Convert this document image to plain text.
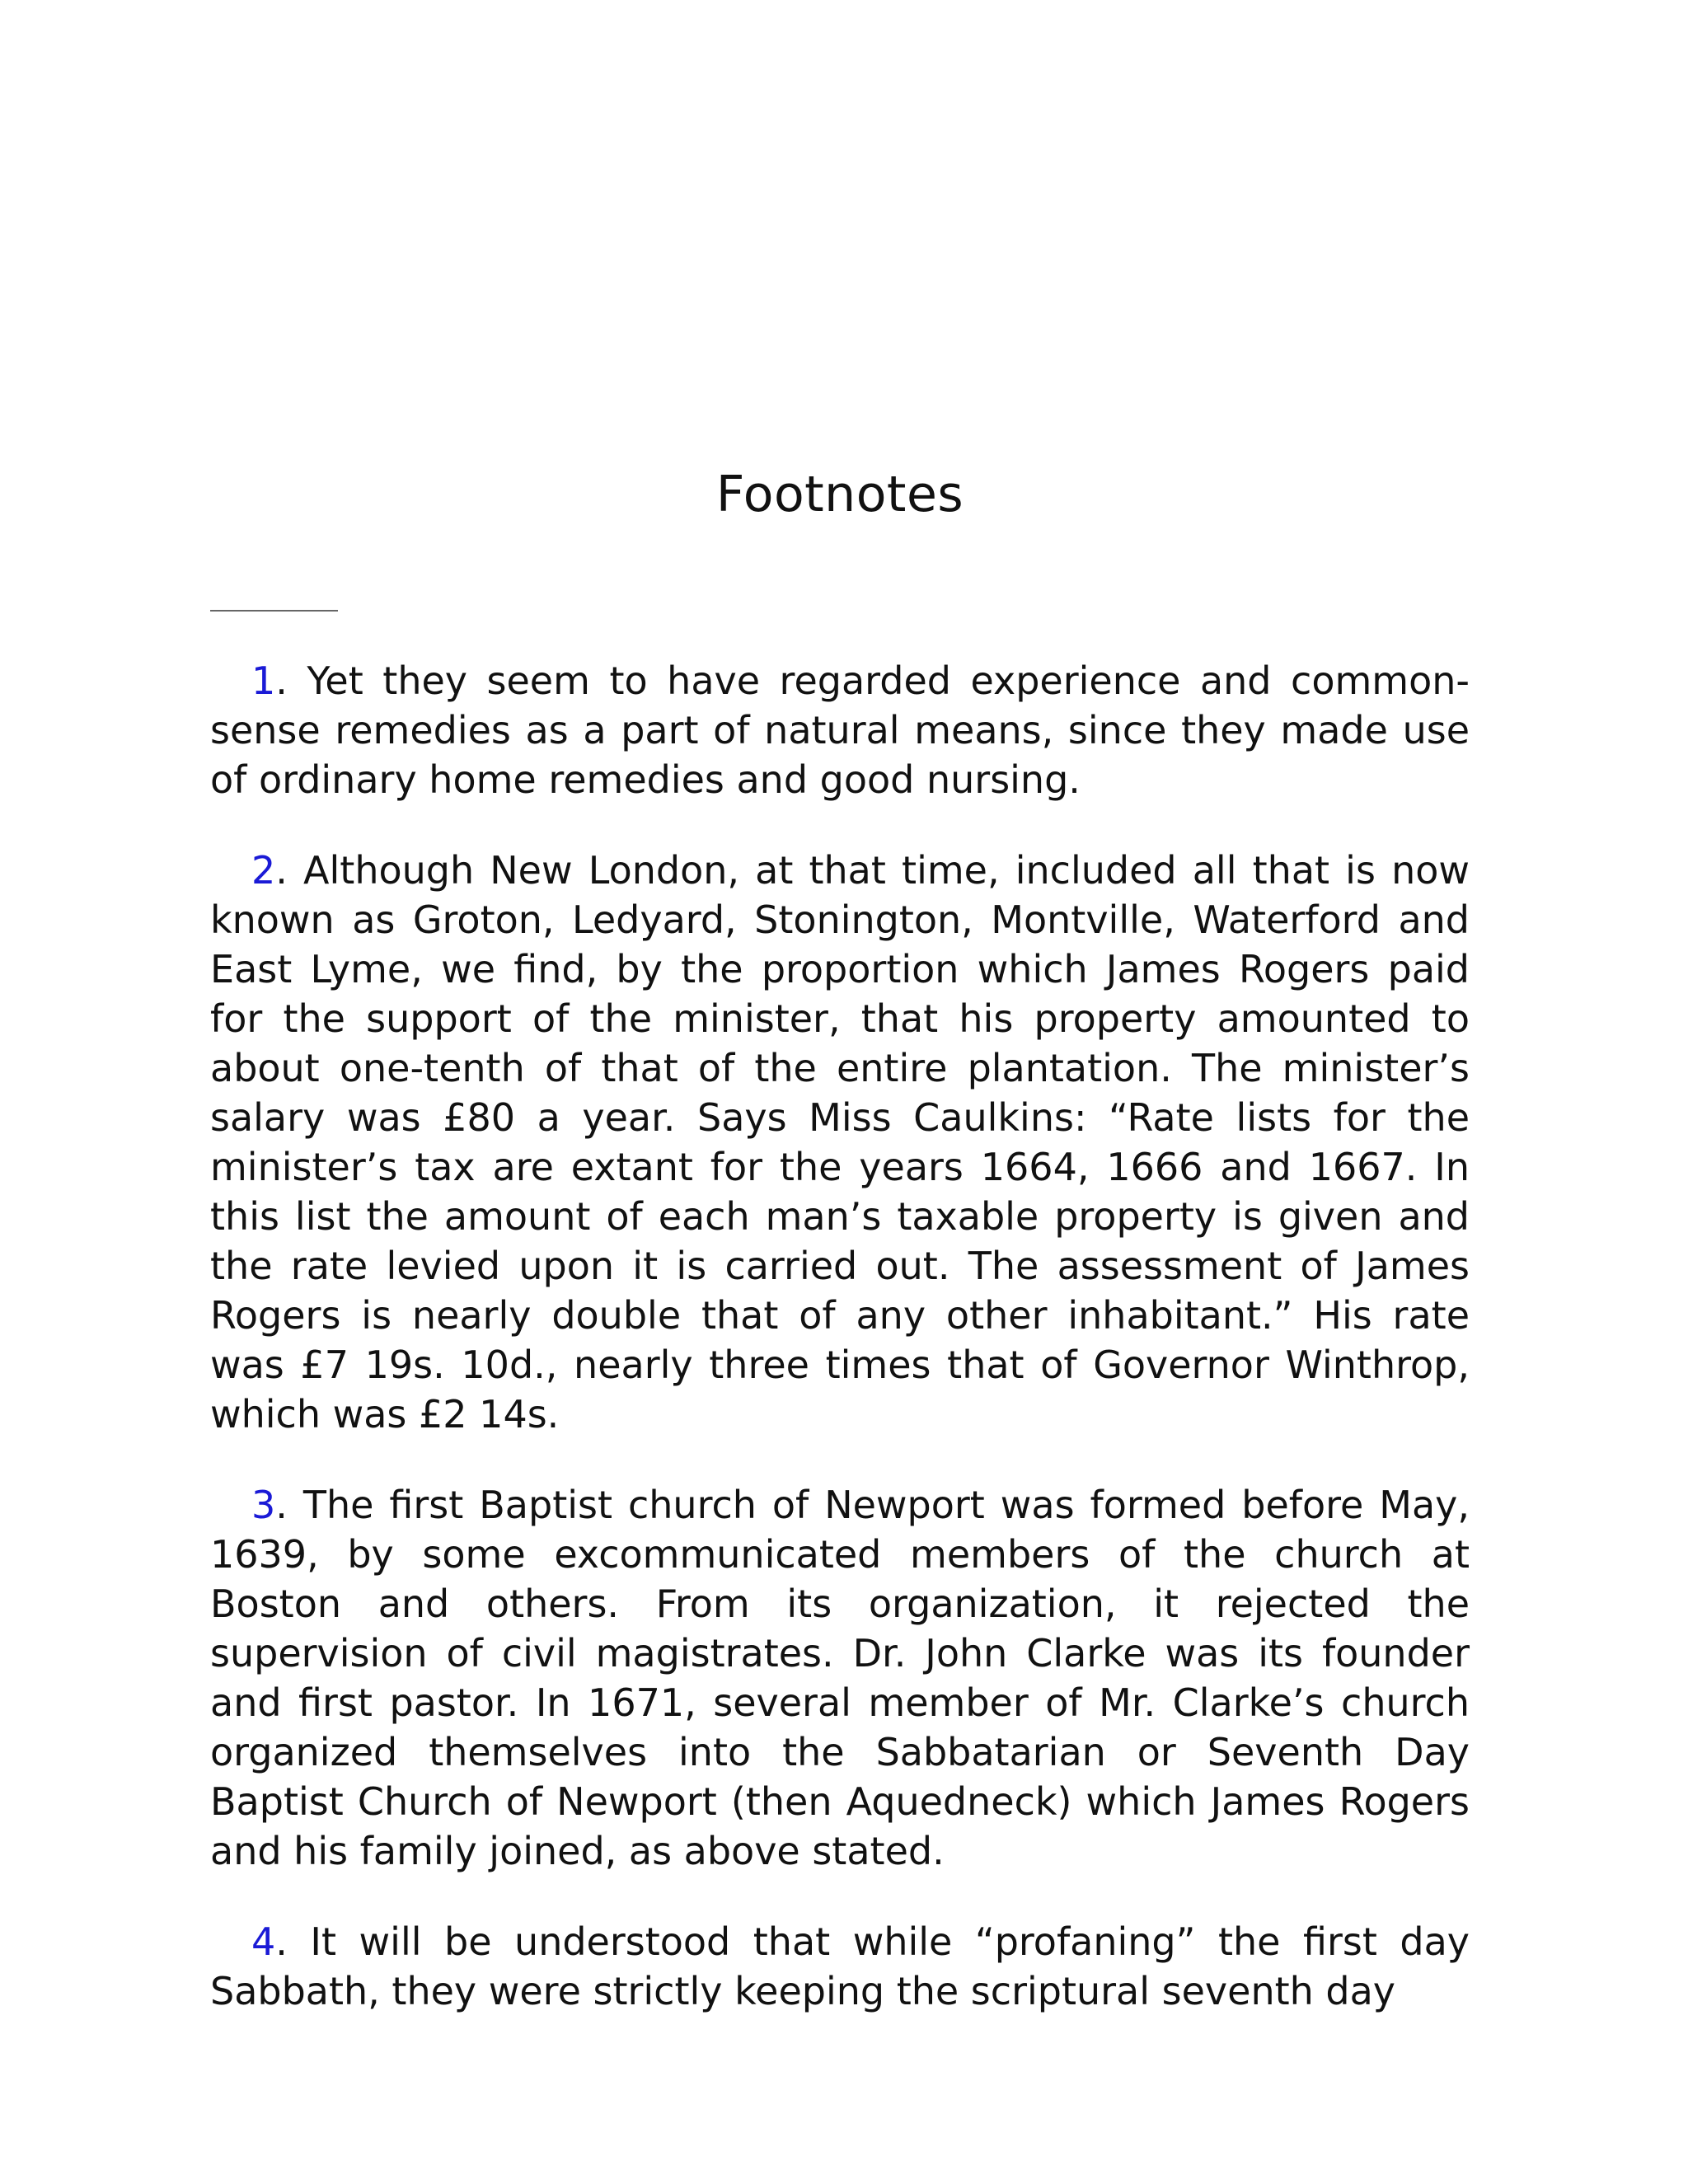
Footnotes

1. Yet they seem to have regarded experience and common-sense remedies as a part of natural means, since they made use of ordinary home remedies and good nursing.

2. Although New London, at that time, included all that is now known as Groton, Ledyard, Stonington, Montville, Waterford and East Lyme, we find, by the proportion which James Rogers paid for the support of the minister, that his property amounted to about one-tenth of that of the entire plantation. The minister’s salary was £80 a year. Says Miss Caulkins: “Rate lists for the minister’s tax are extant for the years 1664, 1666 and 1667. In this list the amount of each man’s taxable property is given and the rate levied upon it is carried out. The assessment of James Rogers is nearly double that of any other inhabitant.” His rate was £7 19s. 10d., nearly three times that of Governor Winthrop, which was £2 14s.

3. The first Baptist church of Newport was formed before May, 1639, by some excommunicated members of the church at Boston and others. From its organization, it rejected the supervision of civil magistrates. Dr. John Clarke was its founder and first pastor. In 1671, several member of Mr. Clarke’s church organized themselves into the Sabbatarian or Seventh Day Baptist Church of Newport (then Aquedneck) which James Rogers and his family joined, as above stated.

4. It will be understood that while “profaning” the first day Sabbath, they were strictly keeping the scriptural seventh day
